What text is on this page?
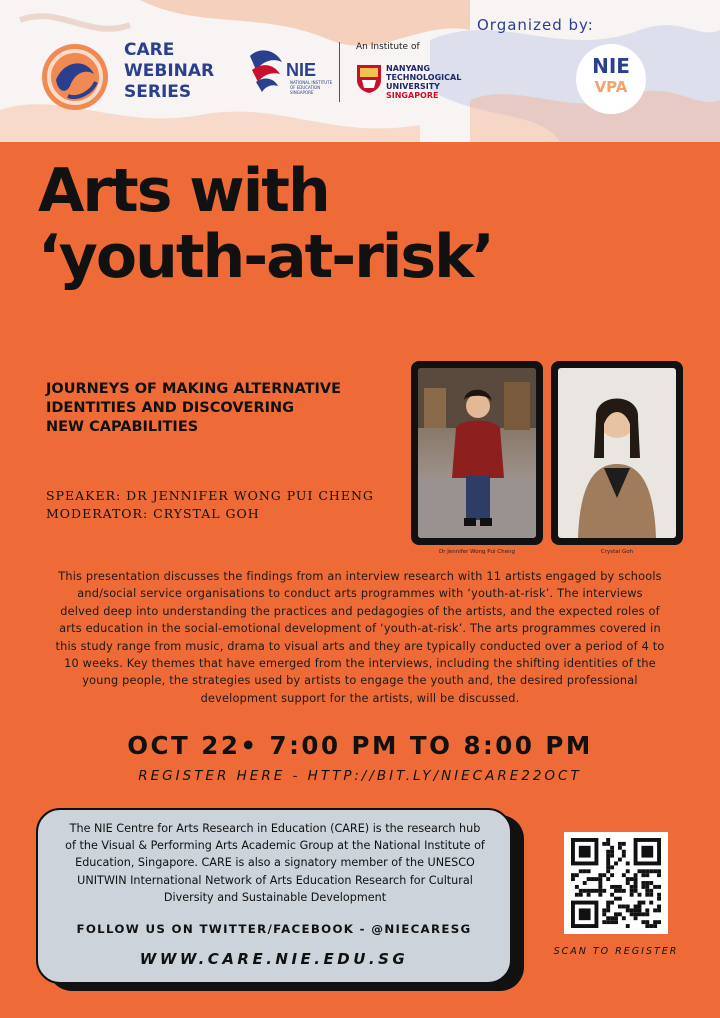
CARE
WEBINAR
SERIES
NIE
NATIONAL INSTITUTE OF EDUCATION SINGAPORE
An Institute of
NANYANG
TECHNOLOGICAL
UNIVERSITY
SINGAPORE
Organized by:
NIE
VPA
Arts with
‘youth-at-risk’
JOURNEYS OF MAKING ALTERNATIVE
IDENTITIES AND DISCOVERING
NEW CAPABILITIES
SPEAKER: DR JENNIFER WONG PUI CHENG
MODERATOR: CRYSTAL GOH
Dr Jennifer Wong Pui Cheng	Crystal Goh
This presentation discusses the findings from an interview research with 11 artists engaged by schools
and/social service organisations to conduct arts programmes with ‘youth-at-risk’. The interviews
delved deep into understanding the practices and pedagogies of the artists, and the expected roles of
arts education in the social-emotional development of ‘youth-at-risk’. The arts programmes covered in
this study range from music, drama to visual arts and they are typically conducted over a period of 4 to
10 weeks. Key themes that have emerged from the interviews, including the shifting identities of the
young people, the strategies used by artists to engage the youth and, the desired professional
development support for the artists, will be discussed.
OCT 22• 7:00 PM TO 8:00 PM
REGISTER HERE - HTTP://BIT.LY/NIECARE22OCT
The NIE Centre for Arts Research in Education (CARE) is the research hub
of the Visual & Performing Arts Academic Group at the National Institute of
Education, Singapore. CARE is also a signatory member of the UNESCO
UNITWIN International Network of Arts Education Research for Cultural
Diversity and Sustainable Development
FOLLOW US ON TWITTER/FACEBOOK - @NIECARESG
WWW.CARE.NIE.EDU.SG	SCAN TO REGISTER
